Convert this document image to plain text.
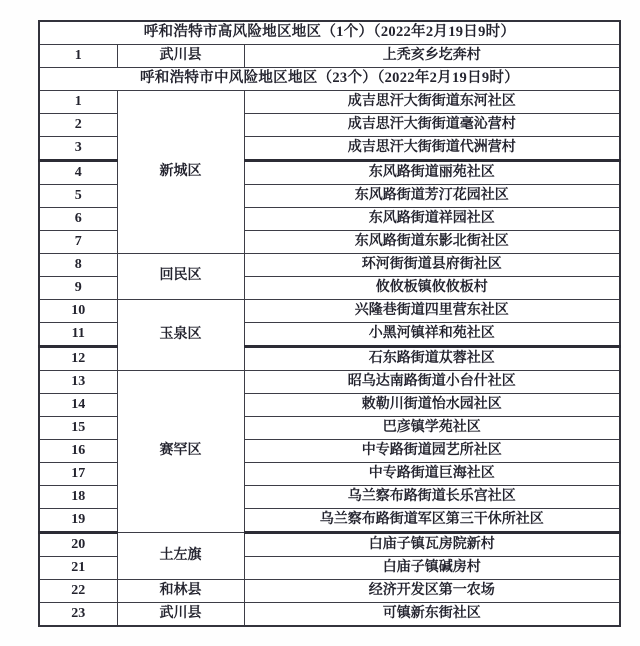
呼和浩特市高风险地区地区（1个）（2022年2月19日9时）		
1	武川县	上秃亥乡圪奔村
呼和浩特市中风险地区地区（23个）（2022年2月19日9时）		
1	新城区	成吉思汗大街街道东河社区
2		成吉思汗大街街道毫沁营村
3		成吉思汗大街街道代洲营村
4		东风路街道丽苑社区
5		东风路街道芳汀花园社区
6		东风路街道祥园社区
7		东风路街道东影北街社区
8	回民区	环河街街道县府街社区
9		攸攸板镇攸攸板村
10	玉泉区	兴隆巷街道四里营东社区
11		小黑河镇祥和苑社区
12		石东路街道苁蓉社区
13	赛罕区	昭乌达南路街道小台什社区
14		敕勒川街道怡水园社区
15		巴彦镇学苑社区
16		中专路街道园艺所社区
17		中专路街道巨海社区
18		乌兰察布路街道长乐宫社区
19		乌兰察布路街道军区第三干休所社区
20	土左旗	白庙子镇瓦房院新村
21		白庙子镇碱房村
22	和林县	经济开发区第一农场
23	武川县	可镇新东街社区
